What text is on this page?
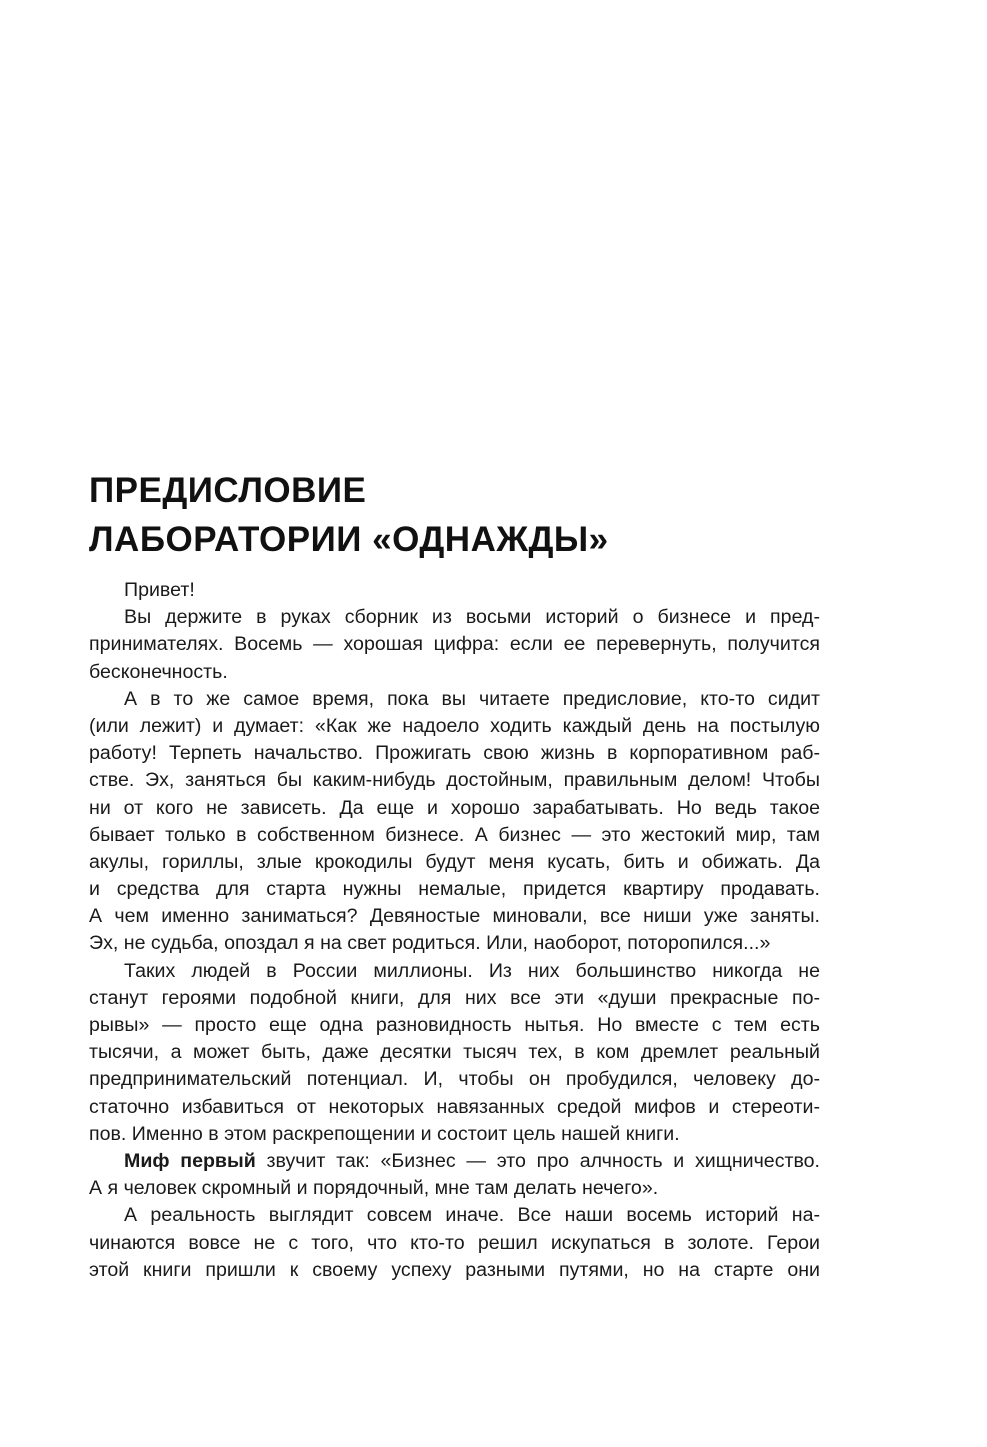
ПРЕДИСЛОВИЕ
ЛАБОРАТОРИИ «ОДНАЖДЫ»
Привет!
Вы держите в руках сборник из восьми историй о бизнесе и пред-
принимателях. Восемь — хорошая цифра: если ее перевернуть, получится
бесконечность.
А в то же самое время, пока вы читаете предисловие, кто-то сидит
(или лежит) и думает: «Как же надоело ходить каждый день на постылую
работу! Терпеть начальство. Прожигать свою жизнь в корпоративном раб-
стве. Эх, заняться бы каким-нибудь достойным, правильным делом! Чтобы
ни от кого не зависеть. Да еще и хорошо зарабатывать. Но ведь такое
бывает только в собственном бизнесе. А бизнес — это жестокий мир, там
акулы, гориллы, злые крокодилы будут меня кусать, бить и обижать. Да
и средства для старта нужны немалые, придется квартиру продавать.
А чем именно заниматься? Девяностые миновали, все ниши уже заняты.
Эх, не судьба, опоздал я на свет родиться. Или, наоборот, поторопился...»
Таких людей в России миллионы. Из них большинство никогда не
станут героями подобной книги, для них все эти «души прекрасные по-
рывы» — просто еще одна разновидность нытья. Но вместе с тем есть
тысячи, а может быть, даже десятки тысяч тех, в ком дремлет реальный
предпринимательский потенциал. И, чтобы он пробудился, человеку до-
статочно избавиться от некоторых навязанных средой мифов и стереоти-
пов. Именно в этом раскрепощении и состоит цель нашей книги.
Миф первый звучит так: «Бизнес — это про алчность и хищничество.
А я человек скромный и порядочный, мне там делать нечего».
А реальность выглядит совсем иначе. Все наши восемь историй на-
чинаются вовсе не с того, что кто-то решил искупаться в золоте. Герои
этой книги пришли к своему успеху разными путями, но на старте они
